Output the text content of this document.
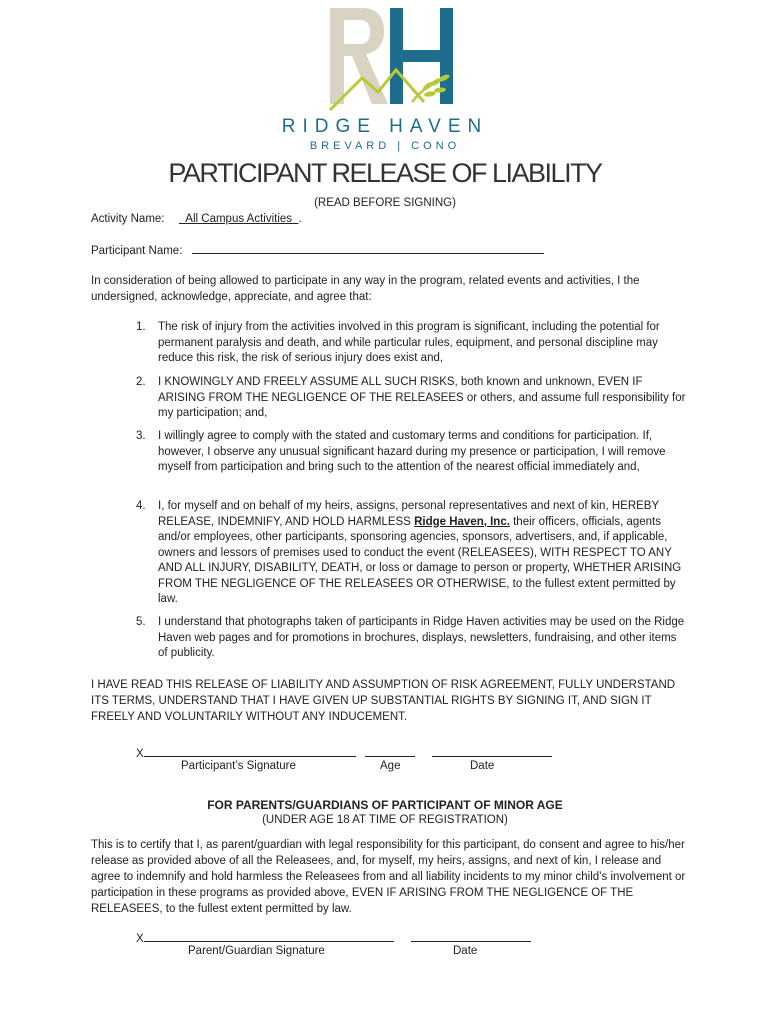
RIDGE HAVEN
BREVARD | CONO
PARTICIPANT RELEASE OF LIABILITY
(READ BEFORE SIGNING)
Activity Name: All Campus Activities .
Participant Name:
In consideration of being allowed to participate in any way in the program, related events and activities, I the undersigned, acknowledge, appreciate, and agree that:
1.	The risk of injury from the activities involved in this program is significant, including the potential for permanent paralysis and death, and while particular rules, equipment, and personal discipline may reduce this risk, the risk of serious injury does exist and,
2.	I KNOWINGLY AND FREELY ASSUME ALL SUCH RISKS, both known and unknown, EVEN IF ARISING FROM THE NEGLIGENCE OF THE RELEASEES or others, and assume full responsibility for my participation; and,
3.	I willingly agree to comply with the stated and customary terms and conditions for participation. If, however, I observe any unusual significant hazard during my presence or participation, I will remove myself from participation and bring such to the attention of the nearest official immediately and,
4.	I, for myself and on behalf of my heirs, assigns, personal representatives and next of kin, HEREBY RELEASE, INDEMNIFY, AND HOLD HARMLESS Ridge Haven, Inc. their officers, officials, agents and/or employees, other participants, sponsoring agencies, sponsors, advertisers, and, if applicable, owners and lessors of premises used to conduct the event (RELEASEES), WITH RESPECT TO ANY AND ALL INJURY, DISABILITY, DEATH, or loss or damage to person or property, WHETHER ARISING FROM THE NEGLIGENCE OF THE RELEASEES OR OTHERWISE, to the fullest extent permitted by law.
5.	I understand that photographs taken of participants in Ridge Haven activities may be used on the Ridge Haven web pages and for promotions in brochures, displays, newsletters, fundraising, and other items of publicity.
I HAVE READ THIS RELEASE OF LIABILITY AND ASSUMPTION OF RISK AGREEMENT, FULLY UNDERSTAND ITS TERMS, UNDERSTAND THAT I HAVE GIVEN UP SUBSTANTIAL RIGHTS BY SIGNING IT, AND SIGN IT FREELY AND VOLUNTARILY WITHOUT ANY INDUCEMENT.
X
Participant’s Signature	Age	Date
FOR PARENTS/GUARDIANS OF PARTICIPANT OF MINOR AGE
(UNDER AGE 18 AT TIME OF REGISTRATION)
This is to certify that I, as parent/guardian with legal responsibility for this participant, do consent and agree to his/her release as provided above of all the Releasees, and, for myself, my heirs, assigns, and next of kin, I release and agree to indemnify and hold harmless the Releasees from and all liability incidents to my minor child’s involvement or participation in these programs as provided above, EVEN IF ARISING FROM THE NEGLIGENCE OF THE RELEASEES, to the fullest extent permitted by law.
X
Parent/Guardian Signature	Date
